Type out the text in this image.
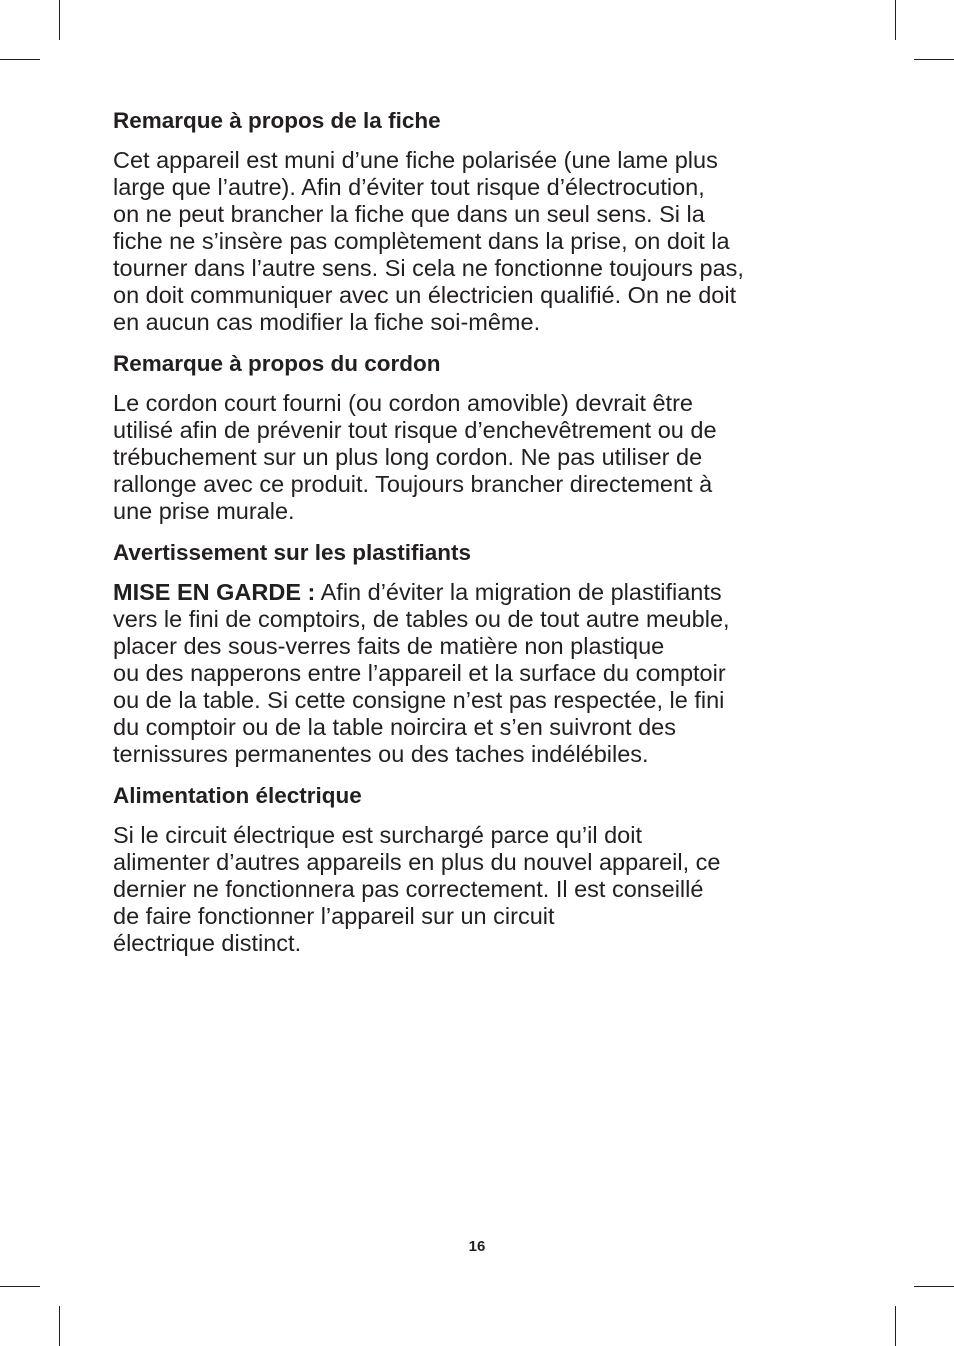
Remarque à propos de la fiche

Cet appareil est muni d’une fiche polarisée (une lame plus
large que l’autre). Afin d’éviter tout risque d’électrocution,
on ne peut brancher la fiche que dans un seul sens. Si la
fiche ne s’insère pas complètement dans la prise, on doit la
tourner dans l’autre sens. Si cela ne fonctionne toujours pas,
on doit communiquer avec un électricien qualifié. On ne doit
en aucun cas modifier la fiche soi-même.

Remarque à propos du cordon

Le cordon court fourni (ou cordon amovible) devrait être
utilisé afin de prévenir tout risque d’enchevêtrement ou de
trébuchement sur un plus long cordon. Ne pas utiliser de
rallonge avec ce produit. Toujours brancher directement à
une prise murale.

Avertissement sur les plastifiants

MISE EN GARDE : Afin d’éviter la migration de plastifiants
vers le fini de comptoirs, de tables ou de tout autre meuble,
placer des sous-verres faits de matière non plastique
ou des napperons entre l’appareil et la surface du comptoir
ou de la table. Si cette consigne n’est pas respectée, le fini
du comptoir ou de la table noircira et s’en suivront des
ternissures permanentes ou des taches indélébiles.

Alimentation électrique

Si le circuit électrique est surchargé parce qu’il doit
alimenter d’autres appareils en plus du nouvel appareil, ce
dernier ne fonctionnera pas correctement. Il est conseillé
de faire fonctionner l’appareil sur un circuit
électrique distinct.

16
